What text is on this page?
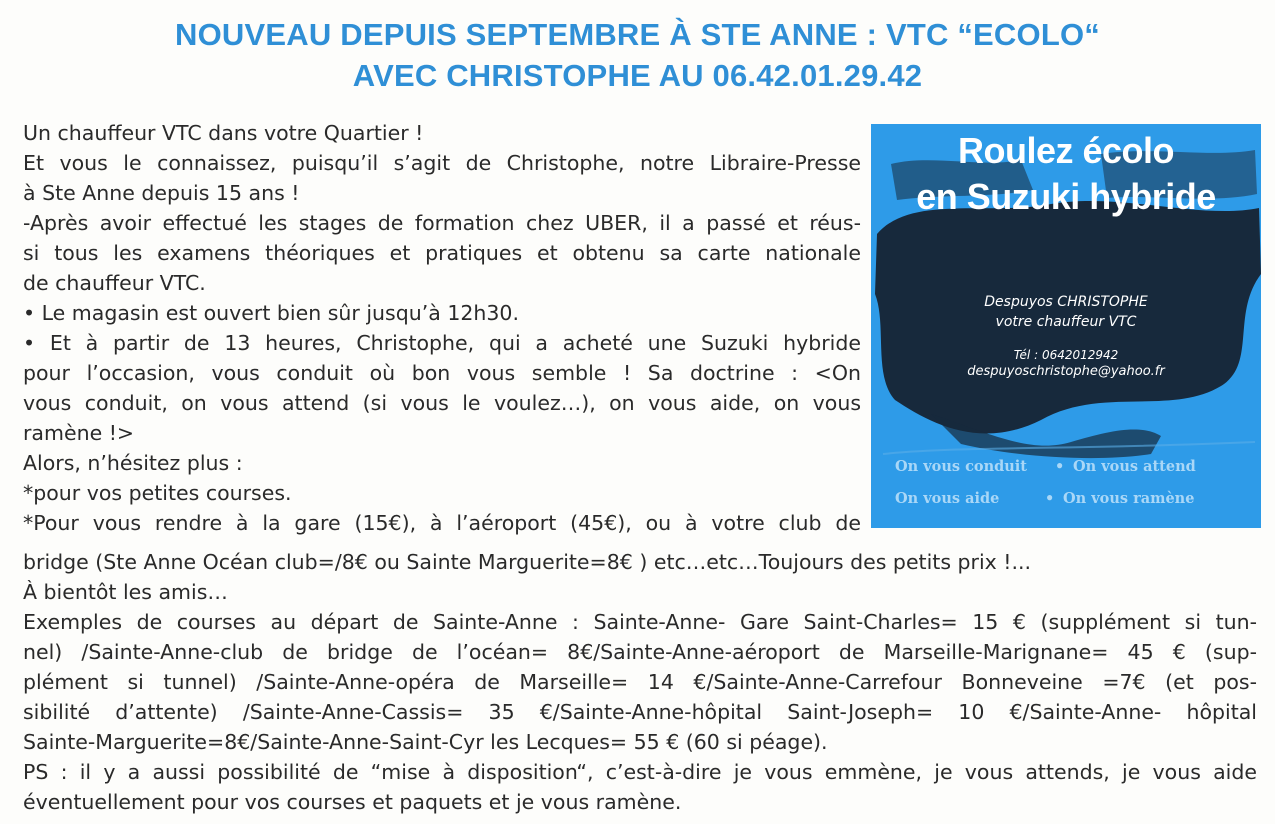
NOUVEAU DEPUIS SEPTEMBRE À STE ANNE : VTC “ECOLO“
AVEC CHRISTOPHE AU 06.42.01.29.42
Un chauffeur VTC dans votre Quartier !
Et vous le connaissez, puisqu’il s’agit de Christophe, notre Libraire-Presse
à Ste Anne depuis 15 ans !
-Après avoir effectué les stages de formation chez UBER, il a passé et réus-
si tous les examens théoriques et pratiques et obtenu sa carte nationale
de chauffeur VTC.
• Le magasin est ouvert bien sûr jusqu’à 12h30.
• Et à partir de 13 heures, Christophe, qui a acheté une Suzuki hybride
pour l’occasion, vous conduit où bon vous semble ! Sa doctrine : <On
vous conduit, on vous attend (si vous le voulez…), on vous aide, on vous
ramène !>
Alors, n’hésitez plus :
*pour vos petites courses.
*Pour vous rendre à la gare (15€), à l’aéroport (45€), ou à votre club de
bridge (Ste Anne Océan club=/8€ ou Sainte Marguerite=8€ ) etc…etc…Toujours des petits prix !...
À bientôt les amis…
Exemples de courses au départ de Sainte-Anne : Sainte-Anne- Gare Saint-Charles= 15 € (supplément si tun-
nel) /Sainte-Anne-club de bridge de l’océan= 8€/Sainte-Anne-aéroport de Marseille-Marignane= 45 € (sup-
plément si tunnel) /Sainte-Anne-opéra de Marseille= 14 €/Sainte-Anne-Carrefour Bonneveine =7€ (et pos-
sibilité d’attente) /Sainte-Anne-Cassis= 35 €/Sainte-Anne-hôpital Saint-Joseph= 10 €/Sainte-Anne- hôpital
Sainte-Marguerite=8€/Sainte-Anne-Saint-Cyr les Lecques= 55 € (60 si péage).
PS : il y a aussi possibilité de “mise à disposition“, c’est-à-dire je vous emmène, je vous attends, je vous aide
éventuellement pour vos courses et paquets et je vous ramène.
Roulez écolo
en Suzuki hybride
Despuyos CHRISTOPHE
votre chauffeur VTC
Tél : 0642012942
despuyoschristophe@yahoo.fr
On vous conduit • On vous attend
On vous aide	• On vous ramène
